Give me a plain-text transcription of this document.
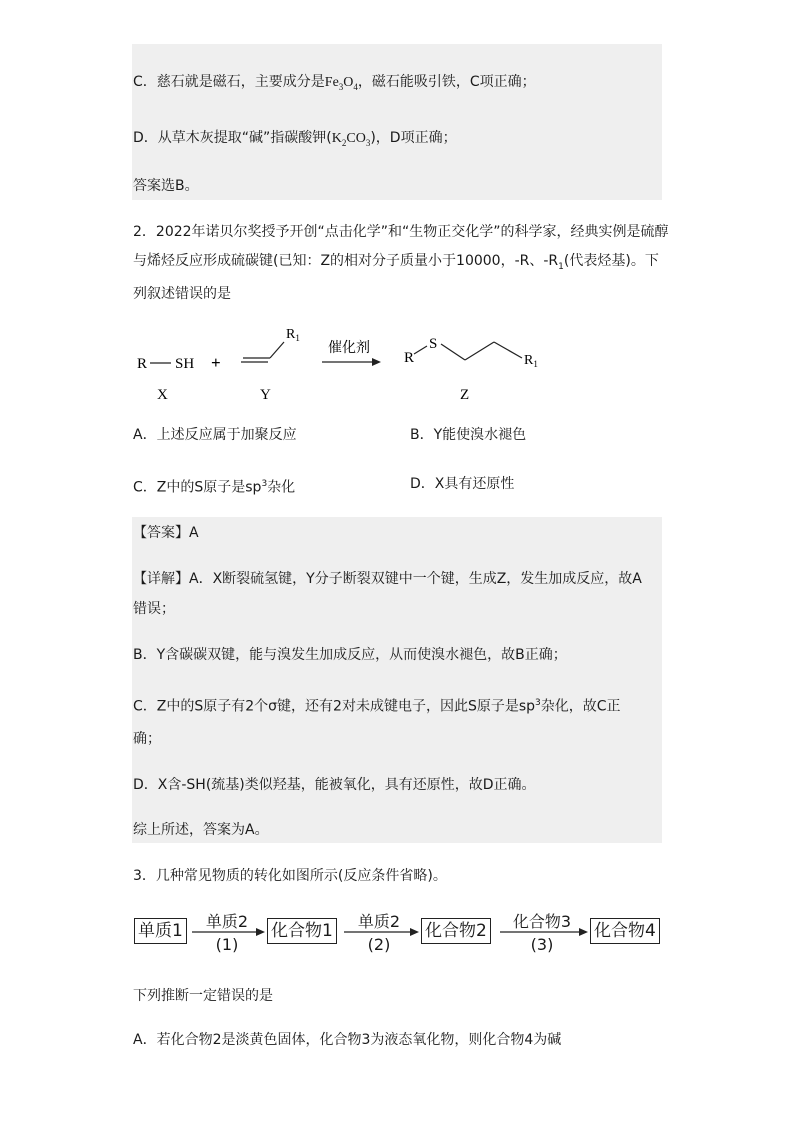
C．慈石就是磁石，主要成分是$Fe_3O_4$，磁石能吸引铁，C项正确；
D．从草木灰提取“碱”指碳酸钾$(K_2CO_3)$，D项正确；
答案选B。
2．2022年诺贝尔奖授予开创“点击化学”和“生物正交化学”的科学家，经典实例是硫醇
与烯烃反应形成硫碳键(已知：Z的相对分子质量小于10000，-R、$-R_1$(代表烃基)。下
列叙述错误的是
R SH +
$R_1$
催化剂
R
S
$R_1$
X	Y	Z
A．上述反应属于加聚反应	B．Y能使溴水褪色
C．Z中的S原子是$sp^3$杂化	D．X具有还原性
【答案】A
【详解】A．X断裂硫氢键，Y分子断裂双键中一个键，生成Z，发生加成反应，故A
错误；
B．Y含碳碳双键，能与溴发生加成反应，从而使溴水褪色，故B正确；
C．Z中的S原子有2个σ键，还有2对未成键电子，因此S原子是$sp^3$杂化，故C正
确；
D．X含-SH(巯基)类似羟基，能被氧化，具有还原性，故D正确。
综上所述，答案为A。
3．几种常见物质的转化如图所示(反应条件省略)。
单质1	单质2
(1)
化合物1	单质2
(2)
化合物2	化合物3
(3)
化合物4
下列推断一定错误的是
A．若化合物2是淡黄色固体，化合物3为液态氧化物，则化合物4为碱
